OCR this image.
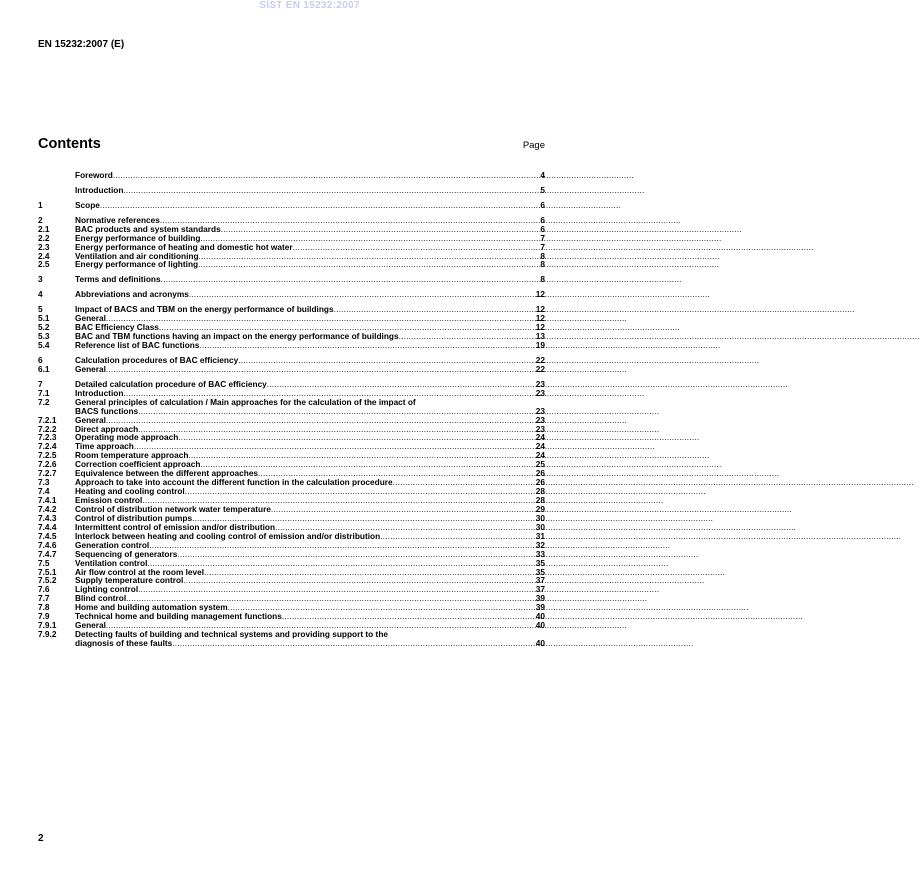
SIST EN 15232:2007
EN 15232:2007 (E)
Contents	Page
Foreword .....	4
Introduction .....	5
1	Scope .....	6
2	Normative references .....	6
2.1	BAC products and system standards .....	6
2.2	Energy performance of building .....	7
2.3	Energy performance of heating and domestic hot water .....	7
2.4	Ventilation and air conditioning .....	8
2.5	Energy performance of lighting .....	8
3	Terms and definitions .....	8
4	Abbreviations and acronyms .....	12
5	Impact of BACS and TBM on the energy performance of buildings .....	12
5.1	General .....	12
5.2	BAC Efficiency Class .....	12
5.3	BAC and TBM functions having an impact on the energy performance of buildings .....	13
5.4	Reference list of BAC functions .....	19
6	Calculation procedures of BAC efficiency .....	22
6.1	General .....	22
7	Detailed calculation procedure of BAC efficiency .....	23
7.1	Introduction .....	23
7.2	General principles of calculation / Main approaches for the calculation of the impact of
BACS functions .....	23
7.2.1	General .....	23
7.2.2	Direct approach .....	23
7.2.3	Operating mode approach .....	24
7.2.4	Time approach .....	24
7.2.5	Room temperature approach .....	24
7.2.6	Correction coefficient approach .....	25
7.2.7	Equivalence between the different approaches .....	26
7.3	Approach to take into account the different function in the calculation procedure .....	26
7.4	Heating and cooling control .....	28
7.4.1	Emission control .....	28
7.4.2	Control of distribution network water temperature .....	29
7.4.3	Control of distribution pumps .....	30
7.4.4	Intermittent control of emission and/or distribution .....	30
7.4.5	Interlock between heating and cooling control of emission and/or distribution .....	31
7.4.6	Generation control .....	32
7.4.7	Sequencing of generators .....	33
7.5	Ventilation control .....	35
7.5.1	Air flow control at the room level .....	35
7.5.2	Supply temperature control .....	37
7.6	Lighting control .....	37
7.7	Blind control .....	39
7.8	Home and building automation system .....	39
7.9	Technical home and building management functions .....	40
7.9.1	General .....	40
7.9.2	Detecting faults of building and technical systems and providing support to the
diagnosis of these faults .....	40
2
